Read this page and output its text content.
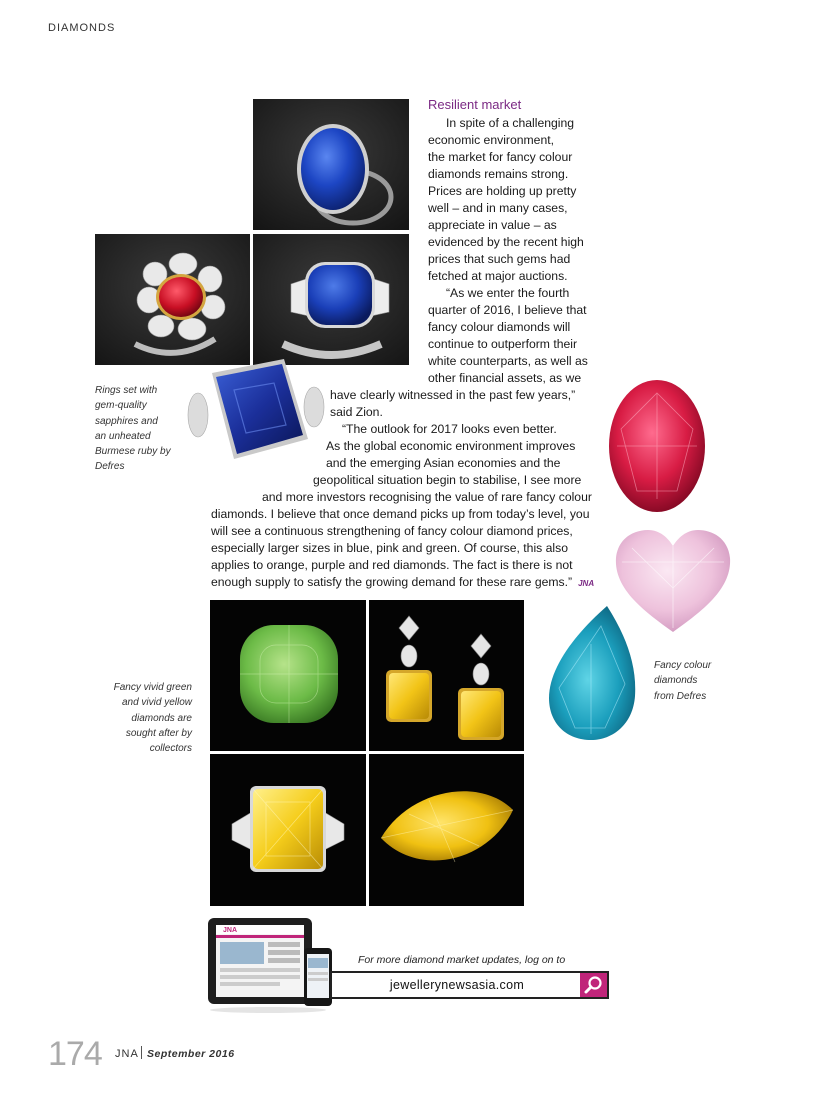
DIAMONDS
Resilient market
In spite of a challenging
economic environment,
the market for fancy colour
diamonds remains strong.
Prices are holding up pretty
well – and in many cases,
appreciate in value – as
evidenced by the recent high
prices that such gems had
fetched at major auctions.
“As we enter the fourth
quarter of 2016, I believe that
fancy colour diamonds will
continue to outperform their
white counterparts, as well as
other financial assets, as we
have clearly witnessed in the past few years,”
said Zion.
“The outlook for 2017 looks even better.
As the global economic environment improves
and the emerging Asian economies and the
geopolitical situation begin to stabilise, I see more
and more investors recognising the value of rare fancy colour
diamonds. I believe that once demand picks up from today’s level, you
will see a continuous strengthening of fancy colour diamond prices,
especially larger sizes in blue, pink and green. Of course, this also
applies to orange, purple and red diamonds. The fact is there is not
enough supply to satisfy the growing demand for these rare gems.” JNA
Rings set with
gem-quality
sapphires and
an unheated
Burmese ruby by
Defres
Fancy vivid green
and vivid yellow
diamonds are
sought after by
collectors
Fancy colour
diamonds
from Defres
JNA
For more diamond market updates, log on to
jewellerynewsasia.com
174 JNA September 2016
